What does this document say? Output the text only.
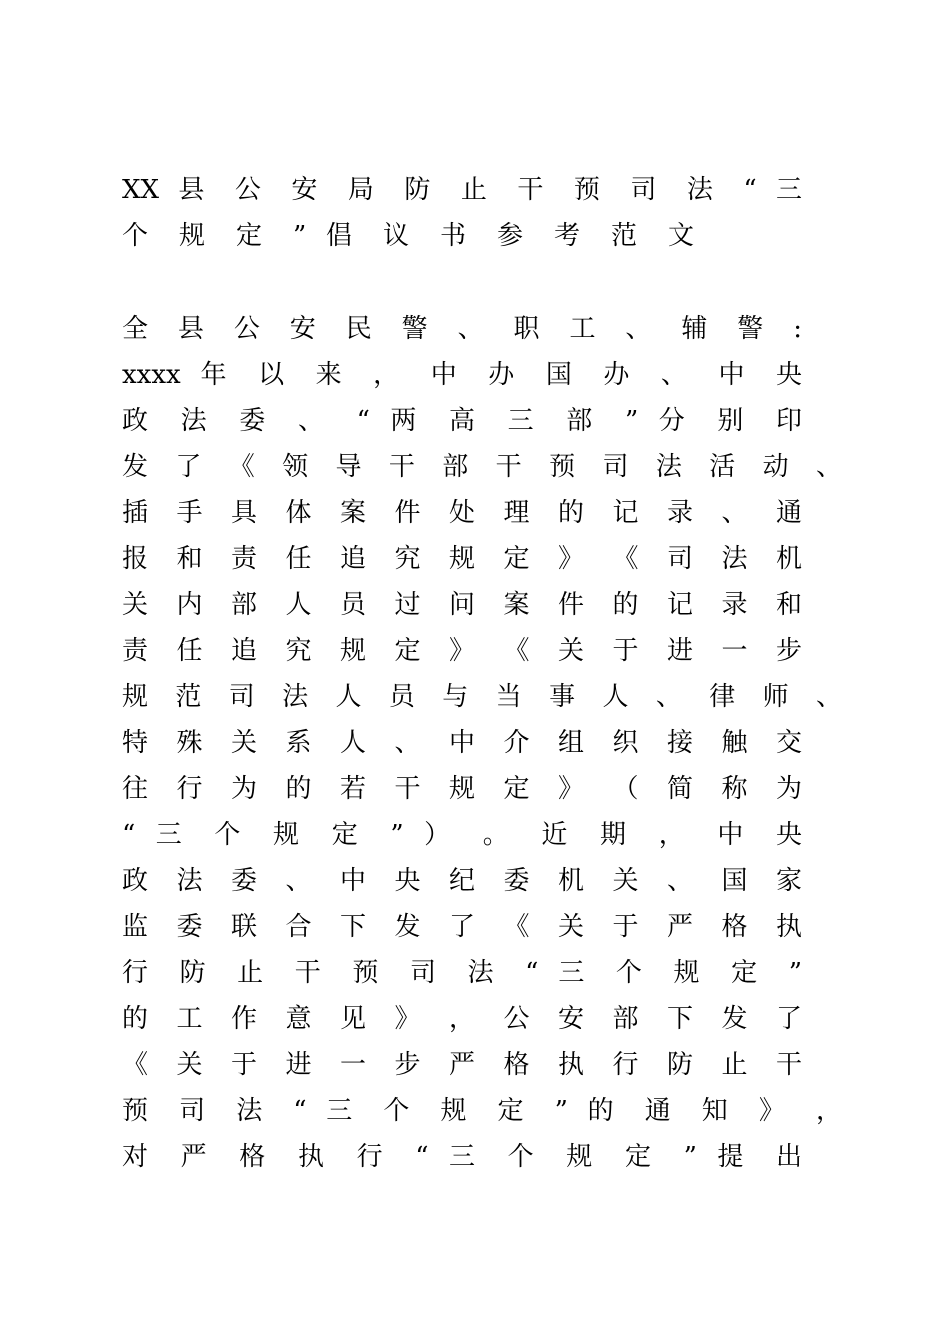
XX 县 公 安 局 防 止 干 预 司 法 “ 三
个 规 定 ” 倡 议 书 参 考 范 文
全 县 公 安 民 警 、 职 工 、 辅 警 :
xxxx 年 以 来 ， 中 办 国 办 、 中 央
政 法 委 、 “ 两 高 三 部 ” 分 别 印
发 了 《 领 导 干 部 干 预 司 法 活 动 、
插 手 具 体 案 件 处 理 的 记 录 、 通
报 和 责 任 追 究 规 定 》 《 司 法 机
关 内 部 人 员 过 问 案 件 的 记 录 和
责 任 追 究 规 定 》 《 关 于 进 一 步
规 范 司 法 人 员 与 当 事 人 、 律 师 、
特 殊 关 系 人 、 中 介 组 织 接 触 交
往 行 为 的 若 干 规 定 》 （ 简 称 为
“ 三 个 规 定 ” ） 。 近 期 ， 中 央
政 法 委 、 中 央 纪 委 机 关 、 国 家
监 委 联 合 下 发 了 《 关 于 严 格 执
行 防 止 干 预 司 法 “ 三 个 规 定 ”
的 工 作 意 见 》 ， 公 安 部 下 发 了
《 关 于 进 一 步 严 格 执 行 防 止 干
预 司 法 “ 三 个 规 定 ” 的 通 知 》 ，
对 严 格 执 行 “ 三 个 规 定 ” 提 出
